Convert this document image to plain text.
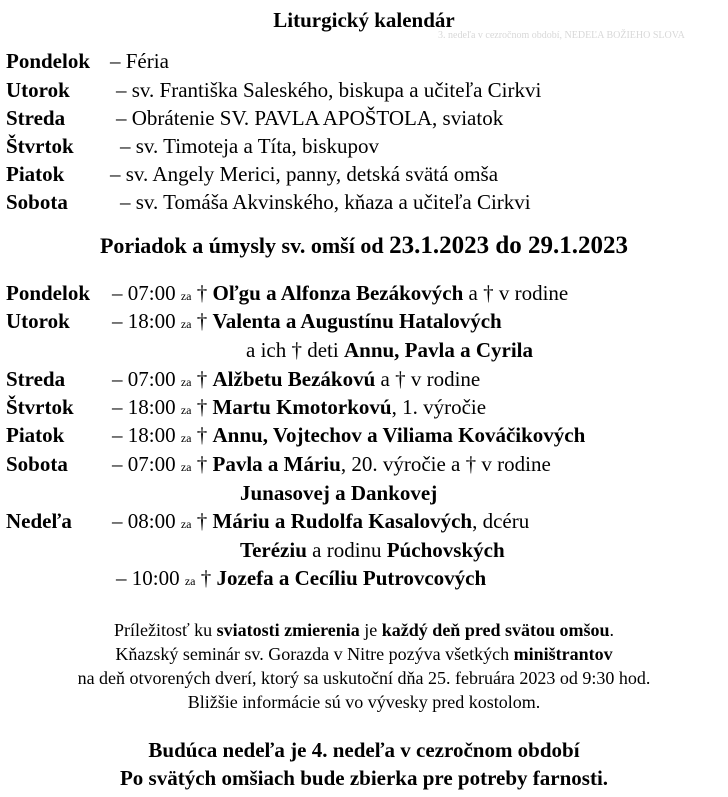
Liturgický kalendár
3. nedeľa v cezročnom období, NEDEĽA BOŽIEHO SLOVA
Pondelok – Féria
Utorok – sv. Františka Saleského, biskupa a učiteľa Cirkvi
Streda – Obrátenie SV. PAVLA APOŠTOLA, sviatok
Štvrtok – sv. Timoteja a Títa, biskupov
Piatok – sv. Angely Merici, panny, detská svätá omša
Sobota – sv. Tomáša Akvinského, kňaza a učiteľa Cirkvi
Poriadok a úmysly sv. omší od 23.1.2023 do 29.1.2023
Pondelok – 07:00 za † Oľgu a Alfonza Bezákových a † v rodine
Utorok – 18:00 za † Valenta a Augustínu Hatalových
a ich † deti Annu, Pavla a Cyrila
Streda – 07:00 za † Alžbetu Bezákovú a † v rodine
Štvrtok – 18:00 za † Martu Kmotorkovú, 1. výročie
Piatok – 18:00 za † Annu, Vojtechov a Viliama Kováčikových
Sobota – 07:00 za † Pavla a Máriu, 20. výročie a † v rodine
Junasovej a Dankovej
Nedeľa – 08:00 za † Máriu a Rudolfa Kasalových, dcéru
Teréziu a rodinu Púchovských
– 10:00 za † Jozefa a Cecíliu Putrovcových
Príležitosť ku sviatosti zmierenia je každý deň pred svätou omšou.
Kňazský seminár sv. Gorazda v Nitre pozýva všetkých miništrantov
na deň otvorených dverí, ktorý sa uskutoční dňa 25. februára 2023 od 9:30 hod.
Bližšie informácie sú vo vývesky pred kostolom.
Budúca nedeľa je 4. nedeľa v cezročnom období
Po svätých omšiach bude zbierka pre potreby farnosti.
